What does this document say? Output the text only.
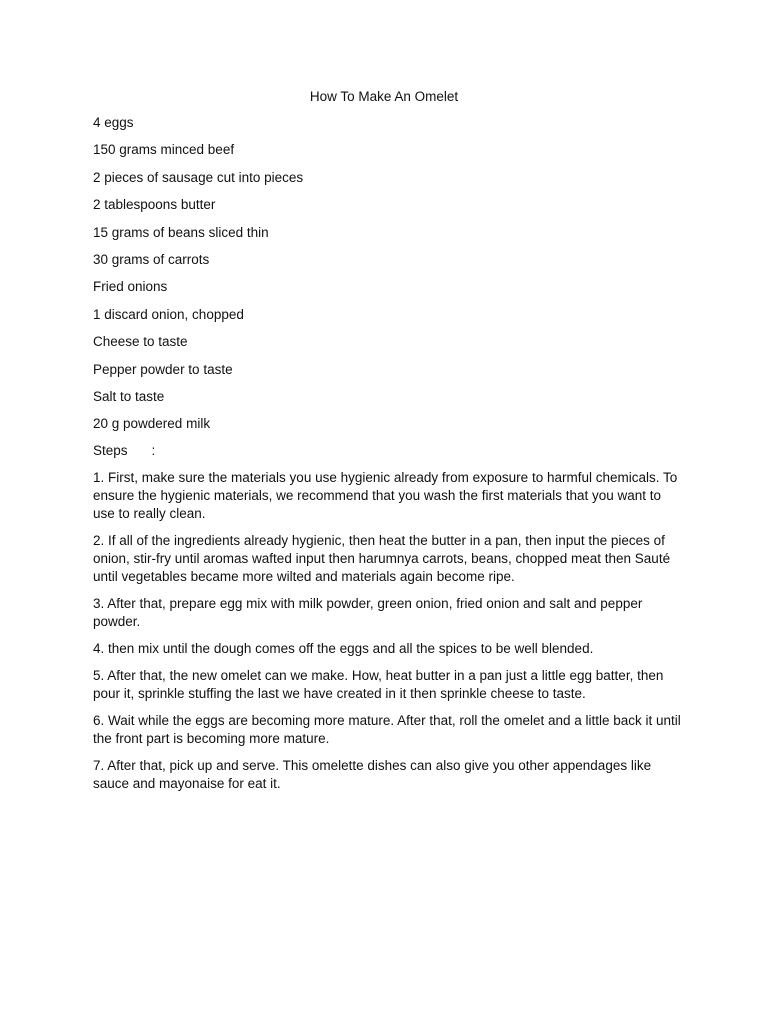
How To Make An Omelet
4 eggs
150 grams minced beef
2 pieces of sausage cut into pieces
2 tablespoons butter
15 grams of beans sliced thin
30 grams of carrots
Fried onions
1 discard onion, chopped
Cheese to taste
Pepper powder to taste
Salt to taste
20 g powdered milk
Steps :
1. First, make sure the materials you use hygienic already from exposure to harmful chemicals. To ensure the hygienic materials, we recommend that you wash the first materials that you want to use to really clean.
2. If all of the ingredients already hygienic, then heat the butter in a pan, then input the pieces of onion, stir-fry until aromas wafted input then harumnya carrots, beans, chopped meat then Sauté until vegetables became more wilted and materials again become ripe.
3. After that, prepare egg mix with milk powder, green onion, fried onion and salt and pepper powder.
4. then mix until the dough comes off the eggs and all the spices to be well blended.
5. After that, the new omelet can we make. How, heat butter in a pan just a little egg batter, then pour it, sprinkle stuffing the last we have created in it then sprinkle cheese to taste.
6. Wait while the eggs are becoming more mature. After that, roll the omelet and a little back it until the front part is becoming more mature.
7. After that, pick up and serve. This omelette dishes can also give you other appendages like sauce and mayonaise for eat it.
